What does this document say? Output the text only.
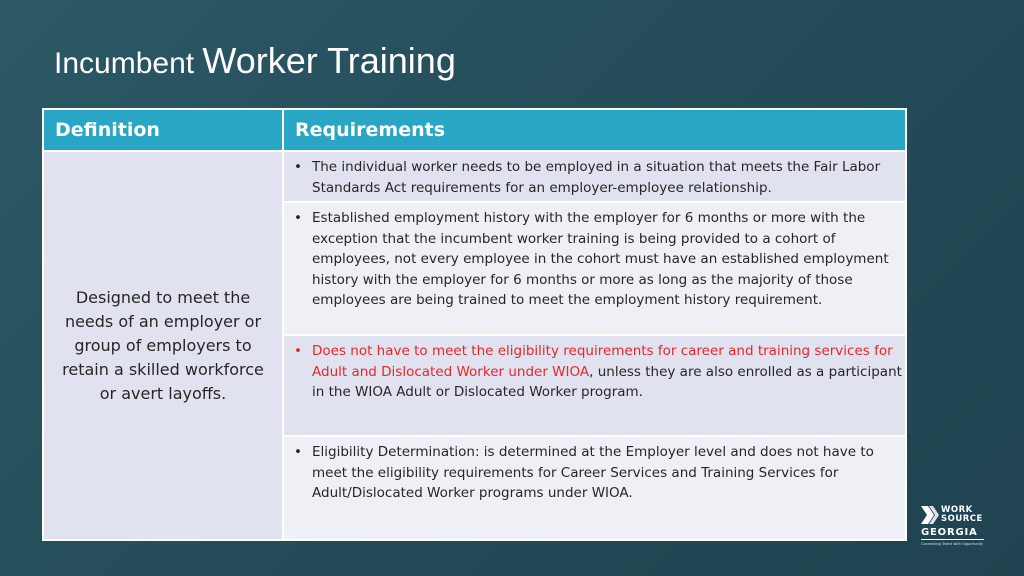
Incumbent Worker Training
Definition	Requirements
Designed to meet the needs of an employer or group of employers to retain a skilled workforce or avert layoffs.
• The individual worker needs to be employed in a situation that meets the Fair Labor Standards Act requirements for an employer-employee relationship.
• Established employment history with the employer for 6 months or more with the exception that the incumbent worker training is being provided to a cohort of employees, not every employee in the cohort must have an established employment history with the employer for 6 months or more as long as the majority of those employees are being trained to meet the employment history requirement.
• Does not have to meet the eligibility requirements for career and training services for Adult and Dislocated Worker under WIOA, unless they are also enrolled as a participant in the WIOA Adult or Dislocated Worker program.
• Eligibility Determination: is determined at the Employer level and does not have to meet the eligibility requirements for Career Services and Training Services for Adult/Dislocated Worker programs under WIOA.
WORK
SOURCE
GEORGIA
Connecting Talent with Opportunity
